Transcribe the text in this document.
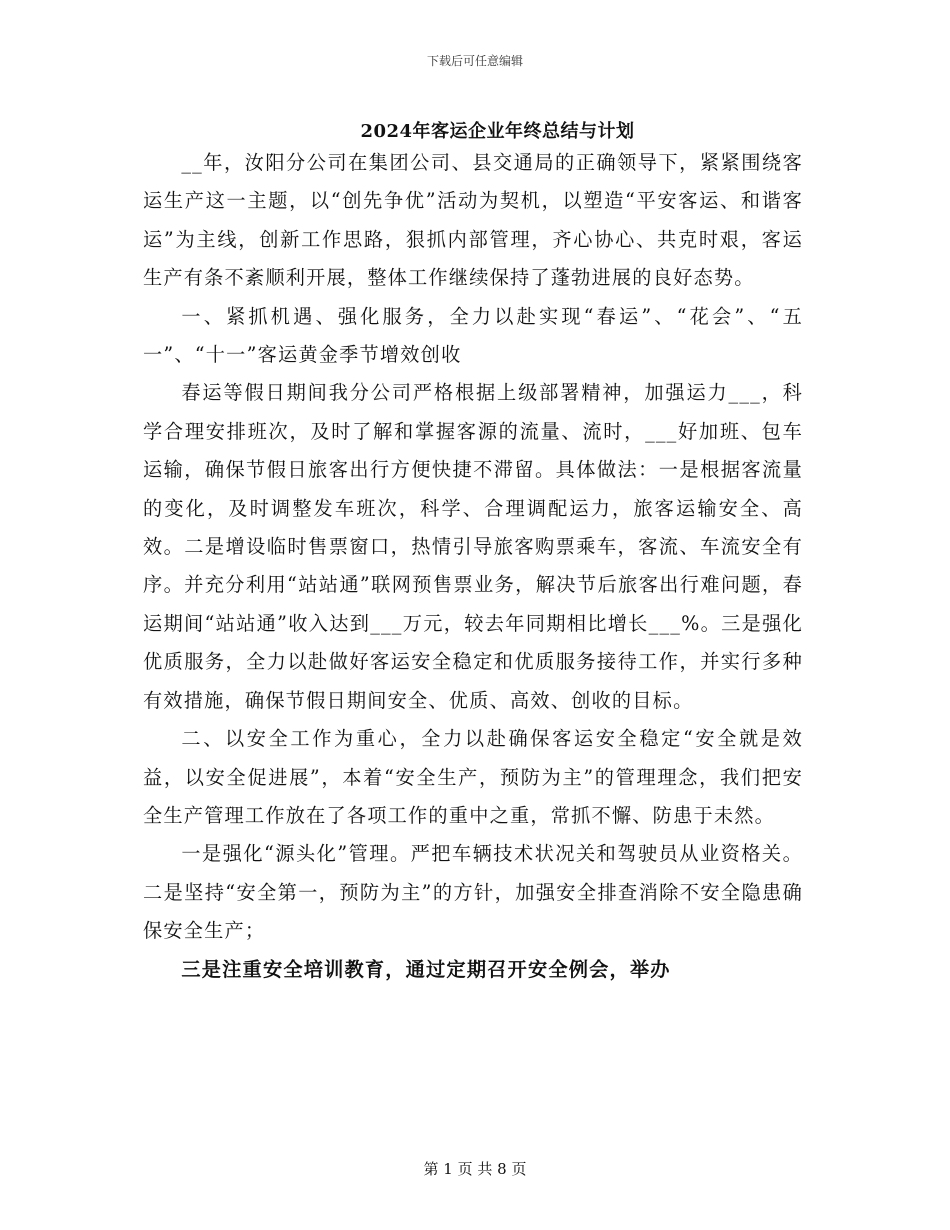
下载后可任意编辑
2024年客运企业年终总结与计划

__年，汝阳分公司在集团公司、县交通局的正确领导下，紧紧围绕客运生产这一主题，以“创先争优”活动为契机，以塑造“平安客运、和谐客运”为主线，创新工作思路，狠抓内部管理，齐心协心、共克时艰，客运生产有条不紊顺利开展，整体工作继续保持了蓬勃进展的良好态势。

一、紧抓机遇、强化服务，全力以赴实现“春运”、“花会”、“五一”、“十一”客运黄金季节增效创收

春运等假日期间我分公司严格根据上级部署精神，加强运力___，科学合理安排班次，及时了解和掌握客源的流量、流时，___好加班、包车运输，确保节假日旅客出行方便快捷不滞留。具体做法：一是根据客流量的变化，及时调整发车班次，科学、合理调配运力，旅客运输安全、高效。二是增设临时售票窗口，热情引导旅客购票乘车，客流、车流安全有序。并充分利用“站站通”联网预售票业务，解决节后旅客出行难问题，春运期间“站站通”收入达到___万元，较去年同期相比增长___%。三是强化优质服务，全力以赴做好客运安全稳定和优质服务接待工作，并实行多种有效措施，确保节假日期间安全、优质、高效、创收的目标。

二、以安全工作为重心，全力以赴确保客运安全稳定“安全就是效益，以安全促进展”，本着“安全生产，预防为主”的管理理念，我们把安全生产管理工作放在了各项工作的重中之重，常抓不懈、防患于未然。

一是强化“源头化”管理。严把车辆技术状况关和驾驶员从业资格关。二是坚持“安全第一，预防为主”的方针，加强安全排查消除不安全隐患确保安全生产；

三是注重安全培训教育，通过定期召开安全例会，举办

第 1 页 共 8 页
